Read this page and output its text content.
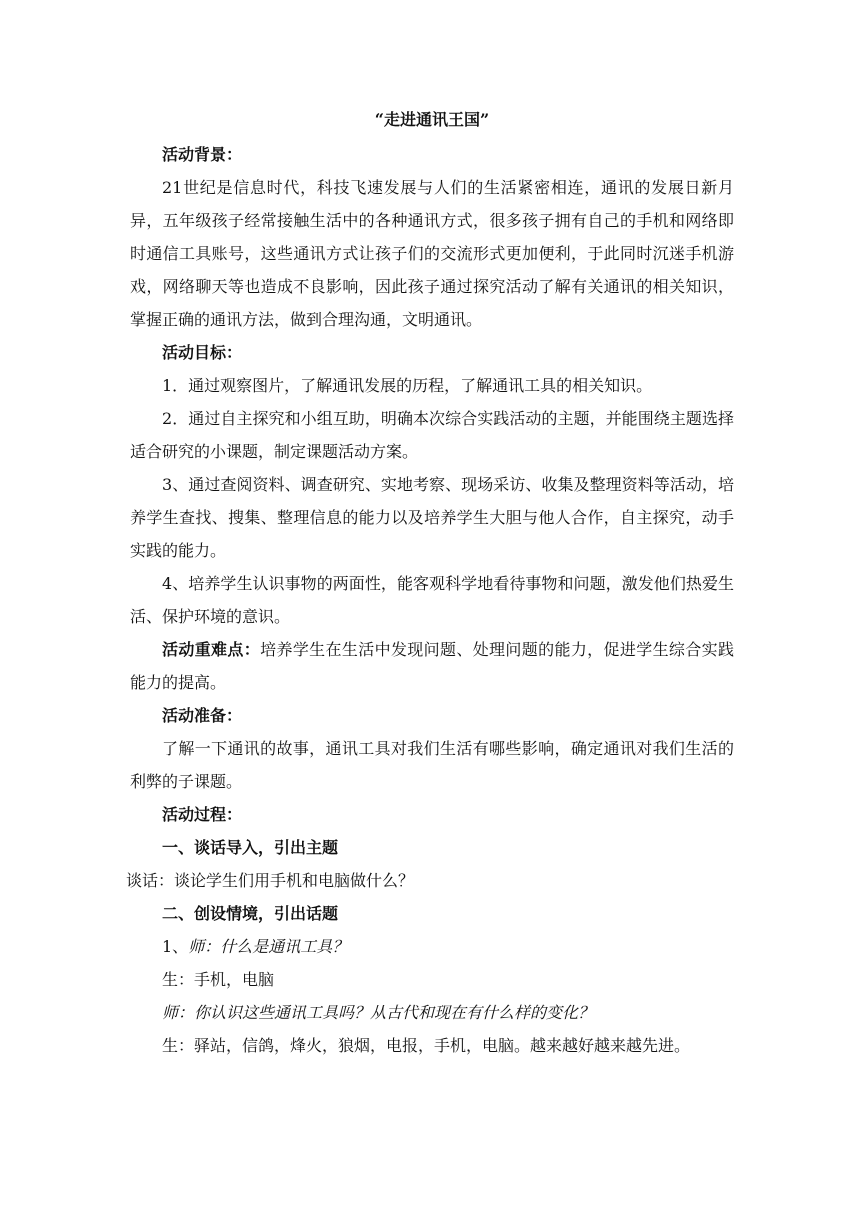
“走进通讯王国”

活动背景：

21世纪是信息时代，科技飞速发展与人们的生活紧密相连，通讯的发展日新月异，五年级孩子经常接触生活中的各种通讯方式，很多孩子拥有自己的手机和网络即时通信工具账号，这些通讯方式让孩子们的交流形式更加便利，于此同时沉迷手机游戏，网络聊天等也造成不良影响，因此孩子通过探究活动了解有关通讯的相关知识，掌握正确的通讯方法，做到合理沟通，文明通讯。

活动目标：

1．通过观察图片，了解通讯发展的历程，了解通讯工具的相关知识。

2．通过自主探究和小组互助，明确本次综合实践活动的主题，并能围绕主题选择适合研究的小课题，制定课题活动方案。

3、通过查阅资料、调查研究、实地考察、现场采访、收集及整理资料等活动，培养学生查找、搜集、整理信息的能力以及培养学生大胆与他人合作，自主探究，动手实践的能力。

4、培养学生认识事物的两面性，能客观科学地看待事物和问题，激发他们热爱生活、保护环境的意识。

活动重难点：培养学生在生活中发现问题、处理问题的能力，促进学生综合实践能力的提高。

活动准备：

了解一下通讯的故事，通讯工具对我们生活有哪些影响，确定通讯对我们生活的利弊的子课题。

活动过程：

一、谈话导入，引出主题

谈话：谈论学生们用手机和电脑做什么？

二、创设情境，引出话题

1、师：什么是通讯工具？

生：手机，电脑

师：你认识这些通讯工具吗？从古代和现在有什么样的变化？

生：驿站，信鸽，烽火，狼烟，电报，手机，电脑。越来越好越来越先进。
